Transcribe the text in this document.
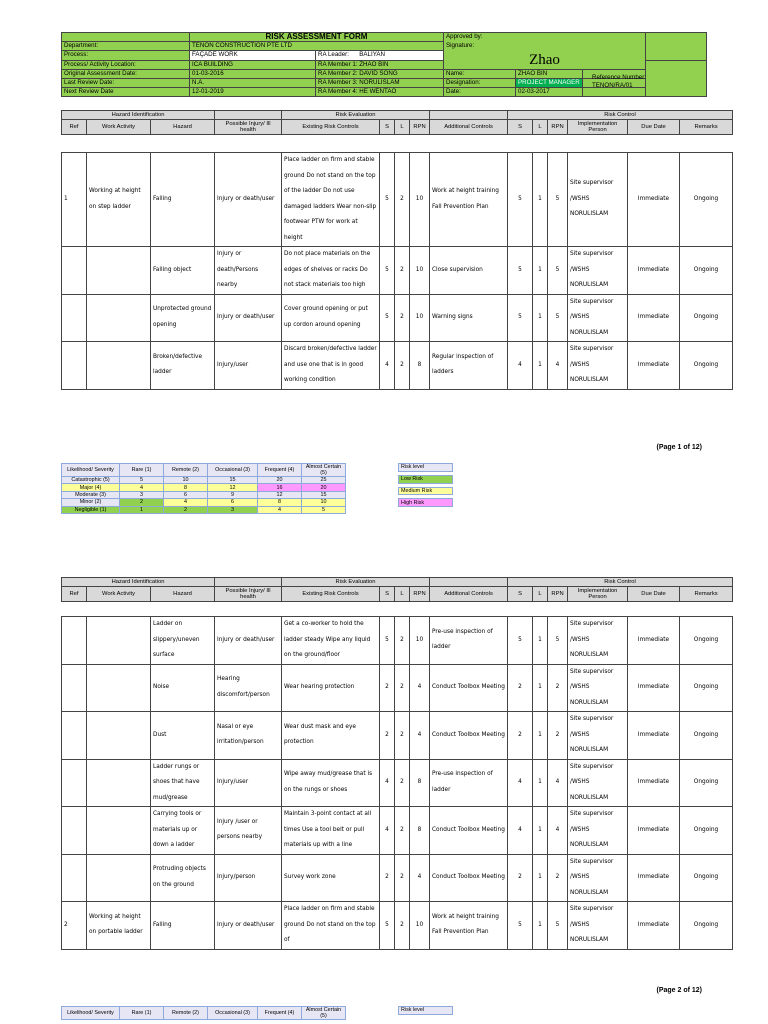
	RISK ASSESSMENT FORM		Approved by:			
Department:	TENON CONSTRUCTION PTE LTD		Signature:			
Process:	FAÇADE WORK	RA Leader: BALIYAN	Zhao			
Process/ Activity Location:	ICA BUILDING	RA Member 1: ZHAO BIN				
Original Assessment Date:	01-03-2016	RA Member 2: DAVID SONG	Name:	ZHAO BIN		
Last Review Date:	N.A.	RA Member 3: NORULISLAM	Designation:	PROJECT MANAGER		
Next Review Date	12-01-2019	RA Member 4: HE WENTAO	Date:	02-03-2017		
Reference Number:
TENON/RA/01
Hazard Identification				Risk Evaluation					Risk Control					
Ref	Work Activity	Hazard	Possible Injury/ Ill health	Existing Risk Controls	S	L	RPN	Additional Controls	S	L	RPN	Implementation Person	Due Date	Remarks
1	Working at height on step ladder	Falling	Injury or death/user	Place ladder on firm and stable ground Do not stand on the top of the ladder Do not use damaged ladders Wear non-slip footwear PTW for work at height	5	2	10	Work at height training Fall Prevention Plan	5	1	5	Site supervisor /WSHS NORULISLAM	Immediate	Ongoing
		Falling object	Injury or death/Persons nearby	Do not place materials on the edges of shelves or racks Do not stack materials too high	5	2	10	Close supervision	5	1	5	Site supervisor /WSHS NORULISLAM	Immediate	Ongoing
		Unprotected ground opening	Injury or death/user	Cover ground opening or put up cordon around opening	5	2	10	Warning signs	5	1	5	Site supervisor /WSHS NORULISLAM	Immediate	Ongoing
		Broken/defective ladder	Injury/user	Discard broken/defective ladder and use one that is in good working condition	4	2	8	Regular inspection of ladders	4	1	4	Site supervisor /WSHS NORULISLAM	Immediate	Ongoing
(Page 1 of 12)
Likelihood/ Severity	Rare (1)	Remote (2)	Occasional (3)	Frequent (4)	Almost Certain (5)
Catastrophic (5)	5	10	15	20	25
Major (4)	4	8	12	16	20
Moderate (3)	3	6	9	12	15
Minor (2)	2	4	6	8	10
Negligible (1)	1	2	3	4	5
Risk level

Low Risk

Medium Risk

High Risk
Hazard Identification				Risk Evaluation					Risk Control					
Ref	Work Activity	Hazard	Possible Injury/ Ill health	Existing Risk Controls	S	L	RPN	Additional Controls	S	L	RPN	Implementation Person	Due Date	Remarks
		Ladder on slippery/uneven surface	Injury or death/user	Get a co-worker to hold the ladder steady Wipe any liquid on the ground/floor	5	2	10	Pre-use inspection of ladder	5	1	5	Site supervisor /WSHS NORULISLAM	Immediate	Ongoing
		Noise	Hearing discomfort/person	Wear hearing protection	2	2	4	Conduct Toolbox Meeting	2	1	2	Site supervisor /WSHS NORULISLAM	Immediate	Ongoing
		Dust	Nasal or eye irritation/person	Wear dust mask and eye protection	2	2	4	Conduct Toolbox Meeting	2	1	2	Site supervisor /WSHS NORULISLAM	Immediate	Ongoing
		Ladder rungs or shoes that have mud/grease	Injury/user	Wipe away mud/grease that is on the rungs or shoes	4	2	8	Pre-use inspection of ladder	4	1	4	Site supervisor /WSHS NORULISLAM	Immediate	Ongoing
		Carrying tools or materials up or down a ladder	Injury /user or persons nearby	Maintain 3-point contact at all times Use a tool belt or pull materials up with a line	4	2	8	Conduct Toolbox Meeting	4	1	4	Site supervisor /WSHS NORULISLAM	Immediate	Ongoing
		Protruding objects on the ground	Injury/person	Survey work zone	2	2	4	Conduct Toolbox Meeting	2	1	2	Site supervisor /WSHS NORULISLAM	Immediate	Ongoing
2	Working at height on portable ladder	Falling	Injury or death/user	Place ladder on firm and stable ground Do not stand on the top of	5	2	10	Work at height training Fall Prevention Plan	5	1	5	Site supervisor /WSHS NORULISLAM	Immediate	Ongoing
(Page 2 of 12)
Likelihood/ Severity	Rare (1)	Remote (2)	Occasional (3)	Frequent (4)	Almost Certain (5)
Risk level
